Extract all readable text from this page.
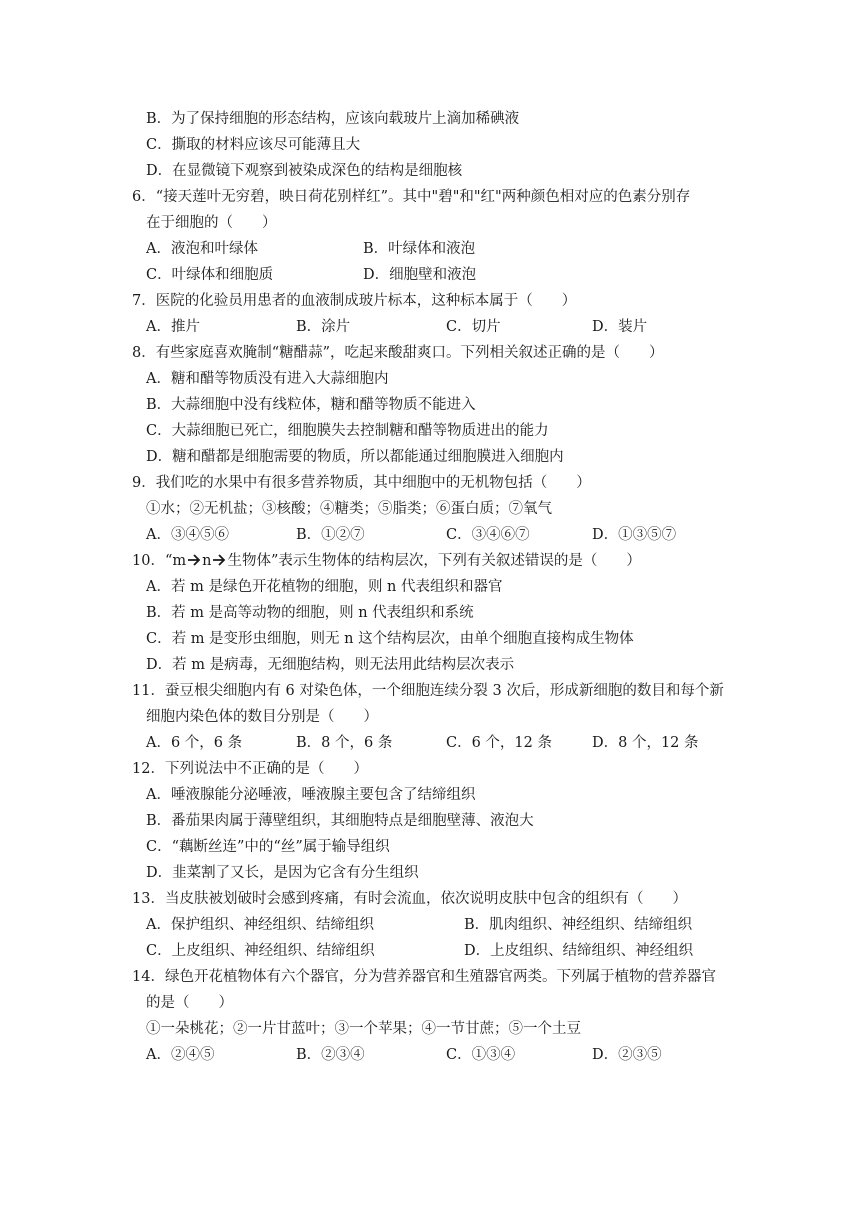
B．为了保持细胞的形态结构，应该向载玻片上滴加稀碘液
C．撕取的材料应该尽可能薄且大
D．在显微镜下观察到被染成深色的结构是细胞核
6．“接天莲叶无穷碧，映日荷花别样红”。其中"碧"和"红"两种颜色相对应的色素分别存
在于细胞的（　　）
A．液泡和叶绿体	B．叶绿体和液泡
C．叶绿体和细胞质	D．细胞壁和液泡
7．医院的化验员用患者的血液制成玻片标本，这种标本属于（　　）
A．推片	B．涂片	C．切片	D．装片
8．有些家庭喜欢腌制“糖醋蒜”，吃起来酸甜爽口。下列相关叙述正确的是（　　）
A．糖和醋等物质没有进入大蒜细胞内
B．大蒜细胞中没有线粒体，糖和醋等物质不能进入
C．大蒜细胞已死亡，细胞膜失去控制糖和醋等物质进出的能力
D．糖和醋都是细胞需要的物质，所以都能通过细胞膜进入细胞内
9．我们吃的水果中有很多营养物质，其中细胞中的无机物包括（　　）
①水；②无机盐；③核酸；④糖类；⑤脂类；⑥蛋白质；⑦氧气
A．③④⑤⑥	B．①②⑦	C．③④⑥⑦	D．①③⑤⑦
10．“m n 生物体”表示生物体的结构层次，下列有关叙述错误的是（　　）
A．若 m 是绿色开花植物的细胞，则 n 代表组织和器官
B．若 m 是高等动物的细胞，则 n 代表组织和系统
C．若 m 是变形虫细胞，则无 n 这个结构层次，由单个细胞直接构成生物体
D．若 m 是病毒，无细胞结构，则无法用此结构层次表示
11．蚕豆根尖细胞内有 6 对染色体，一个细胞连续分裂 3 次后，形成新细胞的数目和每个新
细胞内染色体的数目分别是（　　）
A．6 个，6 条	B．8 个，6 条	C．6 个，12 条	D．8 个，12 条
12．下列说法中不正确的是（　　）
A．唾液腺能分泌唾液，唾液腺主要包含了结缔组织
B．番茄果肉属于薄壁组织，其细胞特点是细胞壁薄、液泡大
C．“藕断丝连”中的“丝”属于输导组织
D．韭菜割了又长，是因为它含有分生组织
13．当皮肤被划破时会感到疼痛，有时会流血，依次说明皮肤中包含的组织有（　　）
A．保护组织、神经组织、结缔组织	B．肌肉组织、神经组织、结缔组织
C．上皮组织、神经组织、结缔组织	D．上皮组织、结缔组织、神经组织
14．绿色开花植物体有六个器官，分为营养器官和生殖器官两类。下列属于植物的营养器官
的是（　　）
①一朵桃花；②一片甘蓝叶；③一个苹果；④一节甘蔗；⑤一个土豆
A．②④⑤	B．②③④	C．①③④	D．②③⑤
